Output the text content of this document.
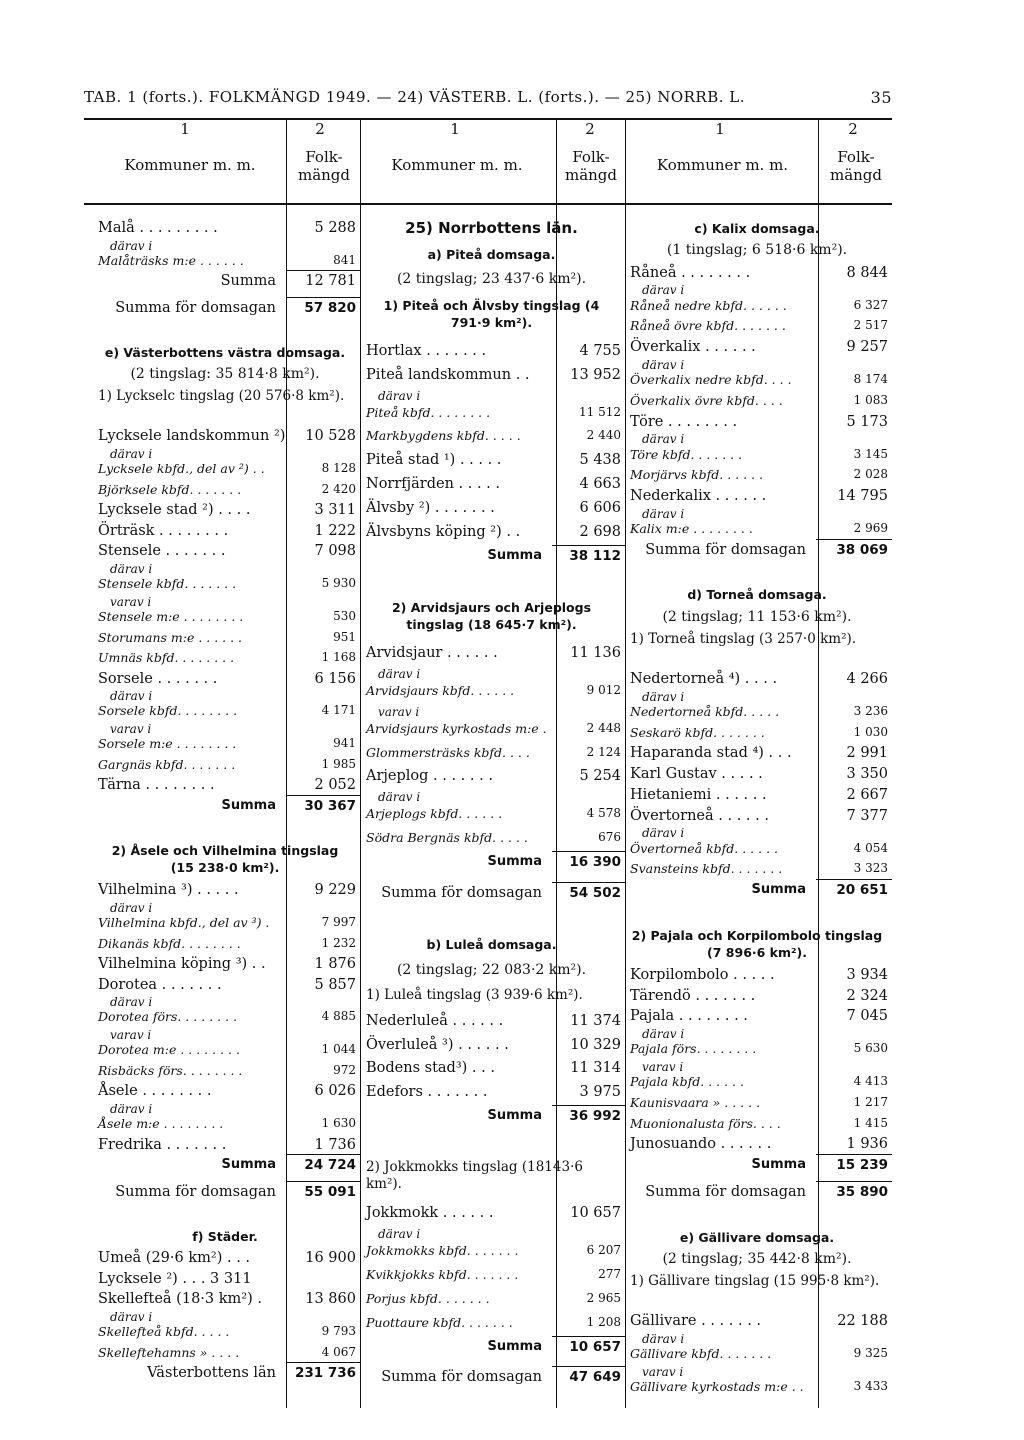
TAB. 1 (forts.). FOLKMÄNGD 1949. — 24) VÄSTERB. L. (forts.). — 25) NORRB. L.	35
1	2
Kommuner m. m.	Folk-
mängd
1	2
Kommuner m. m.	Folk-
mängd
1	2
Kommuner m. m.	Folk-
mängd
Malå . . . . . . . . .	5 288
därav i
Malåträsks m:e . . . . . .	841
Summa 12 781
Summa för domsagan 57 820
e) Västerbottens västra domsaga.
(2 tingslag: 35 814·8 km²).
1) Lyckselc tingslag (20 576·8 km²).
Lycksele landskommun ²) 10 528
därav i
Lycksele kbfd., del av ²) . .	8 128
Björksele kbfd. . . . . . .	2 420
Lycksele stad ²) . . . .	3 311
Örträsk . . . . . . . .	1 222
Stensele . . . . . . .	7 098
därav i
Stensele kbfd. . . . . . .	5 930
varav i
Stensele m:e . . . . . . . .	530
Storumans m:e . . . . . .	951
Umnäs kbfd. . . . . . . .	1 168
Sorsele . . . . . . .	6 156
därav i
Sorsele kbfd. . . . . . . .	4 171
varav i
Sorsele m:e . . . . . . . .	941
Gargnäs kbfd. . . . . . .	1 985
Tärna . . . . . . . .	2 052
Summa 30 367
2) Åsele och Vilhelmina tingslag (15 238·0 km²).
Vilhelmina ³) . . . . .	9 229
därav i
Vilhelmina kbfd., del av ³) .	7 997
Dikanäs kbfd. . . . . . . .	1 232
Vilhelmina köping ³) . .	1 876
Dorotea . . . . . . .	5 857
därav i
Dorotea förs. . . . . . . .	4 885
varav i
Dorotea m:e . . . . . . . .	1 044
Risbäcks förs. . . . . . . .	972
Åsele . . . . . . . .	6 026
därav i
Åsele m:e . . . . . . . .	1 630
Fredrika . . . . . . .	1 736
Summa 24 724
Summa för domsagan 55 091
f) Städer.
Umeå (29·6 km²) . . .	16 900
Lycksele ²) . . . 3 311
Skellefteå (18·3 km²) .	13 860
därav i
Skellefteå kbfd. . . . .	9 793
Skelleftehamns » . . . .	4 067
Västerbottens län 231 736
25) Norrbottens län.
a) Piteå domsaga.
(2 tingslag; 23 437·6 km²).
1) Piteå och Älvsby tingslag (4 791·9 km²).
Hortlax . . . . . . .	4 755
Piteå landskommun . .	13 952
därav i
Piteå kbfd. . . . . . . .	11 512
Markbygdens kbfd. . . . .	2 440
Piteå stad ¹) . . . . .	5 438
Norrfjärden . . . . .	4 663
Älvsby ²) . . . . . . .	6 606
Älvsbyns köping ²) . .	2 698
Summa 38 112
2) Arvidsjaurs och Arjeplogs tingslag (18 645·7 km²).
Arvidsjaur . . . . . .	11 136
därav i
Arvidsjaurs kbfd. . . . . .	9 012
varav i
Arvidsjaurs kyrkostads m:e .	2 448
Glommersträsks kbfd. . . .	2 124
Arjeplog . . . . . . .	5 254
därav i
Arjeplogs kbfd. . . . . .	4 578
Södra Bergnäs kbfd. . . . .	676
Summa 16 390
Summa för domsagan 54 502
b) Luleå domsaga.
(2 tingslag; 22 083·2 km²).
1) Luleå tingslag (3 939·6 km²).
Nederluleå . . . . . .	11 374
Överluleå ³) . . . . . .	10 329
Bodens stad³) . . .	11 314
Edefors . . . . . . .	3 975
Summa 36 992
2) Jokkmokks tingslag (18143·6 km²).
Jokkmokk . . . . . .	10 657
därav i
Jokkmokks kbfd. . . . . . .	6 207
Kvikkjokks kbfd. . . . . . .	277
Porjus kbfd. . . . . . .	2 965
Puottaure kbfd. . . . . . .	1 208
Summa 10 657
Summa för domsagan 47 649
c) Kalix domsaga.
(1 tingslag; 6 518·6 km²).
Råneå . . . . . . . .	8 844
därav i
Råneå nedre kbfd. . . . . .	6 327
Råneå övre kbfd. . . . . . .	2 517
Överkalix . . . . . .	9 257
därav i
Överkalix nedre kbfd. . . .	8 174
Överkalix övre kbfd. . . .	1 083
Töre . . . . . . . .	5 173
därav i
Töre kbfd. . . . . . .	3 145
Morjärvs kbfd. . . . . .	2 028
Nederkalix . . . . . .	14 795
därav i
Kalix m:e . . . . . . . .	2 969
Summa för domsagan 38 069
d) Torneå domsaga.
(2 tingslag; 11 153·6 km²).
1) Torneå tingslag (3 257·0 km²).
Nedertorneå ⁴) . . . .	4 266
därav i
Nedertorneå kbfd. . . . .	3 236
Seskarö kbfd. . . . . . .	1 030
Haparanda stad ⁴) . . .	2 991
Karl Gustav . . . . .	3 350
Hietaniemi . . . . . .	2 667
Övertorneå . . . . . .	7 377
därav i
Övertorneå kbfd. . . . . .	4 054
Svansteins kbfd. . . . . . .	3 323
Summa 20 651
2) Pajala och Korpilombolo tingslag (7 896·6 km²).
Korpilombolo . . . . .	3 934
Tärendö . . . . . . .	2 324
Pajala . . . . . . . .	7 045
därav i
Pajala förs. . . . . . . .	5 630
varav i
Pajala kbfd. . . . . .	4 413
Kaunisvaara » . . . . .	1 217
Muonionalusta förs. . . .	1 415
Junosuando . . . . . .	1 936
Summa 15 239
Summa för domsagan 35 890
e) Gällivare domsaga.
(2 tingslag; 35 442·8 km²).
1) Gällivare tingslag (15 995·8 km²).
Gällivare . . . . . . .	22 188
därav i
Gällivare kbfd. . . . . . .	9 325
varav i
Gällivare kyrkostads m:e . .	3 433
